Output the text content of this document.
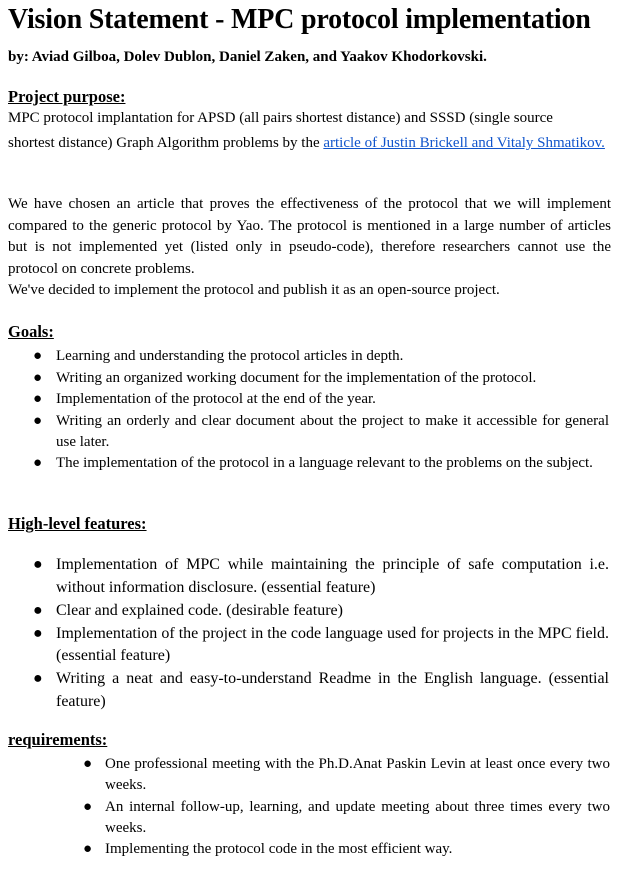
Vision Statement - MPC protocol implementation

by: Aviad Gilboa, Dolev Dublon, Daniel Zaken, and Yaakov Khodorkovski.

Project purpose:

MPC protocol implantation for APSD (all pairs shortest distance) and SSSD (single source

shortest distance) Graph Algorithm problems by the article of Justin Brickell and Vitaly Shmatikov.

We have chosen an article that proves the effectiveness of the protocol that we will implement compared to the generic protocol by Yao. The protocol is mentioned in a large number of articles but is not implemented yet (listed only in pseudo-code), therefore researchers cannot use the protocol on concrete problems.

We've decided to implement the protocol and publish it as an open-source project.

Goals:

● Learning and understanding the protocol articles in depth.
● Writing an organized working document for the implementation of the protocol.
● Implementation of the protocol at the end of the year.
● Writing an orderly and clear document about the project to make it accessible for general use later.
● The implementation of the protocol in a language relevant to the problems on the subject.

High-level features:

● Implementation of MPC while maintaining the principle of safe computation i.e. without information disclosure. (essential feature)
● Clear and explained code. (desirable feature)
● Implementation of the project in the code language used for projects in the MPC field. (essential feature)
● Writing a neat and easy-to-understand Readme in the English language. (essential feature)

requirements:

● One professional meeting with the Ph.D.Anat Paskin Levin at least once every two weeks.
● An internal follow-up, learning, and update meeting about three times every two weeks.
● Implementing the protocol code in the most efficient way.
